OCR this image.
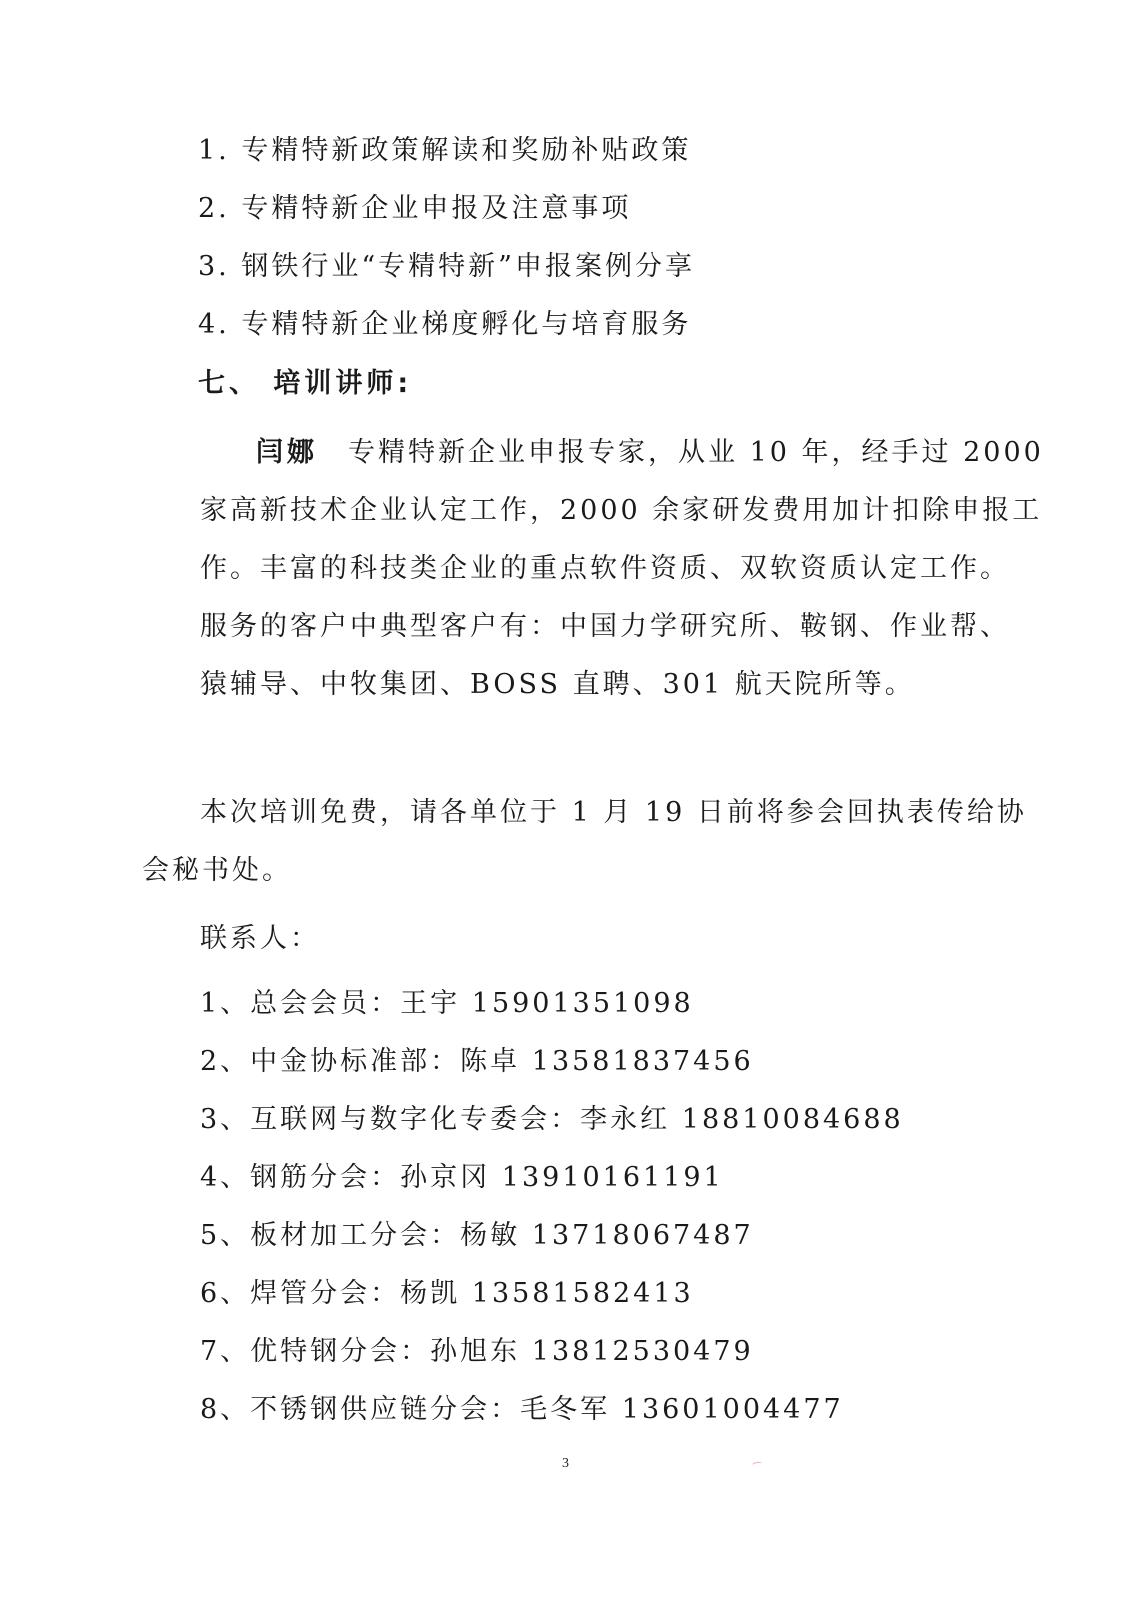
1. 专精特新政策解读和奖励补贴政策
2. 专精特新企业申报及注意事项
3. 钢铁行业“专精特新”申报案例分享
4. 专精特新企业梯度孵化与培育服务
七、 培训讲师:
闫娜 专精特新企业申报专家，从业 10 年，经手过 2000
家高新技术企业认定工作，2000 余家研发费用加计扣除申报工
作。丰富的科技类企业的重点软件资质、双软资质认定工作。
服务的客户中典型客户有：中国力学研究所、鞍钢、作业帮、
猿辅导、中牧集团、BOSS 直聘、301 航天院所等。
本次培训免费，请各单位于 1 月 19 日前将参会回执表传给协
会秘书处。
联系人：
1、总会会员：王宇 15901351098
2、中金协标准部：陈卓 13581837456
3、互联网与数字化专委会：李永红 18810084688
4、钢筋分会：孙京冈 13910161191
5、板材加工分会：杨敏 13718067487
6、焊管分会：杨凯 13581582413
7、优特钢分会：孙旭东 13812530479
8、不锈钢供应链分会：毛冬军 13601004477
3
